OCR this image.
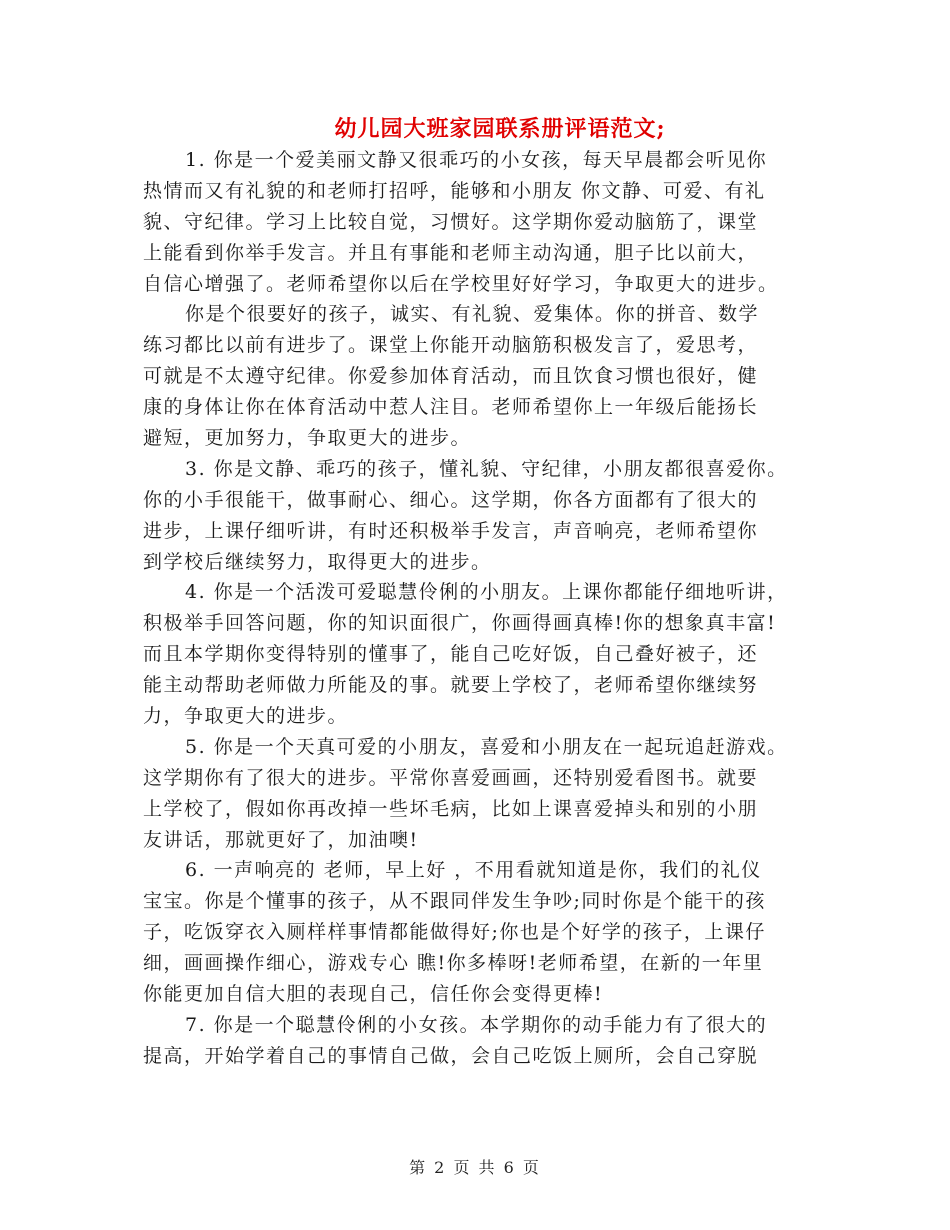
幼儿园大班家园联系册评语范文;
1. 你是一个爱美丽文静又很乖巧的小女孩，每天早晨都会听见你
热情而又有礼貌的和老师打招呼，能够和小朋友 你文静、可爱、有礼
貌、守纪律。学习上比较自觉，习惯好。这学期你爱动脑筋了，课堂
上能看到你举手发言。并且有事能和老师主动沟通，胆子比以前大，
自信心增强了。老师希望你以后在学校里好好学习，争取更大的进步。
你是个很要好的孩子，诚实、有礼貌、爱集体。你的拼音、数学
练习都比以前有进步了。课堂上你能开动脑筋积极发言了，爱思考，
可就是不太遵守纪律。你爱参加体育活动，而且饮食习惯也很好，健
康的身体让你在体育活动中惹人注目。老师希望你上一年级后能扬长
避短，更加努力，争取更大的进步。
3. 你是文静、乖巧的孩子，懂礼貌、守纪律，小朋友都很喜爱你。
你的小手很能干，做事耐心、细心。这学期，你各方面都有了很大的
进步，上课仔细听讲，有时还积极举手发言，声音响亮，老师希望你
到学校后继续努力，取得更大的进步。
4. 你是一个活泼可爱聪慧伶俐的小朋友。上课你都能仔细地听讲，
积极举手回答问题，你的知识面很广，你画得画真棒!你的想象真丰富!
而且本学期你变得特别的懂事了，能自己吃好饭，自己叠好被子，还
能主动帮助老师做力所能及的事。就要上学校了，老师希望你继续努
力，争取更大的进步。
5. 你是一个天真可爱的小朋友，喜爱和小朋友在一起玩追赶游戏。
这学期你有了很大的进步。平常你喜爱画画，还特别爱看图书。就要
上学校了，假如你再改掉一些坏毛病，比如上课喜爱掉头和别的小朋
友讲话，那就更好了，加油噢!
6. 一声响亮的 老师，早上好 ，不用看就知道是你，我们的礼仪
宝宝。你是个懂事的孩子，从不跟同伴发生争吵;同时你是个能干的孩
子，吃饭穿衣入厕样样事情都能做得好;你也是个好学的孩子，上课仔
细，画画操作细心，游戏专心 瞧!你多棒呀!老师希望，在新的一年里
你能更加自信大胆的表现自己，信任你会变得更棒!
7. 你是一个聪慧伶俐的小女孩。本学期你的动手能力有了很大的
提高，开始学着自己的事情自己做，会自己吃饭上厕所，会自己穿脱
第 2 页 共 6 页
